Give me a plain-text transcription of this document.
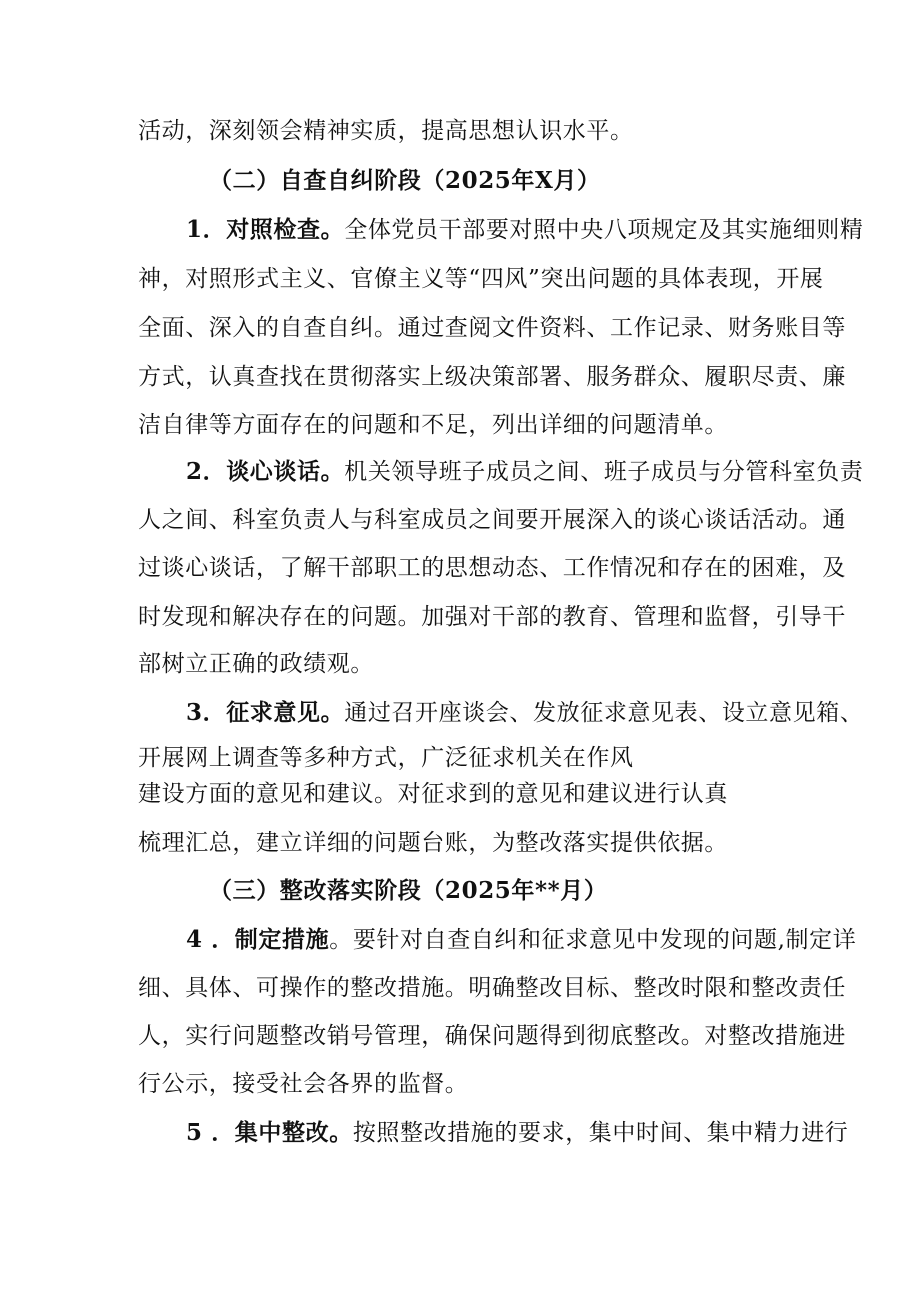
活动，深刻领会精神实质，提高思想认识水平。
（二）自查自纠阶段（2025年X月）
1．对照检查。全体党员干部要对照中央八项规定及其实施细则精
神，对照形式主义、官僚主义等“四风”突出问题的具体表现，开展
全面、深入的自查自纠。通过查阅文件资料、工作记录、财务账目等
方式，认真查找在贯彻落实上级决策部署、服务群众、履职尽责、廉
洁自律等方面存在的问题和不足，列出详细的问题清单。
2．谈心谈话。机关领导班子成员之间、班子成员与分管科室负责
人之间、科室负责人与科室成员之间要开展深入的谈心谈话活动。通
过谈心谈话，了解干部职工的思想动态、工作情况和存在的困难，及
时发现和解决存在的问题。加强对干部的教育、管理和监督，引导干
部树立正确的政绩观。
3．征求意见。通过召开座谈会、发放征求意见表、设立意见箱、
开展网上调查等多种方式，广泛征求机关在作风
建设方面的意见和建议。对征求到的意见和建议进行认真
梳理汇总，建立详细的问题台账，为整改落实提供依据。
（三）整改落实阶段（2025年**月）
4 ．制定措施。要针对自查自纠和征求意见中发现的问题,制定详
细、具体、可操作的整改措施。明确整改目标、整改时限和整改责任
人，实行问题整改销号管理，确保问题得到彻底整改。对整改措施进
行公示，接受社会各界的监督。
5 ．集中整改。按照整改措施的要求，集中时间、集中精力进行
